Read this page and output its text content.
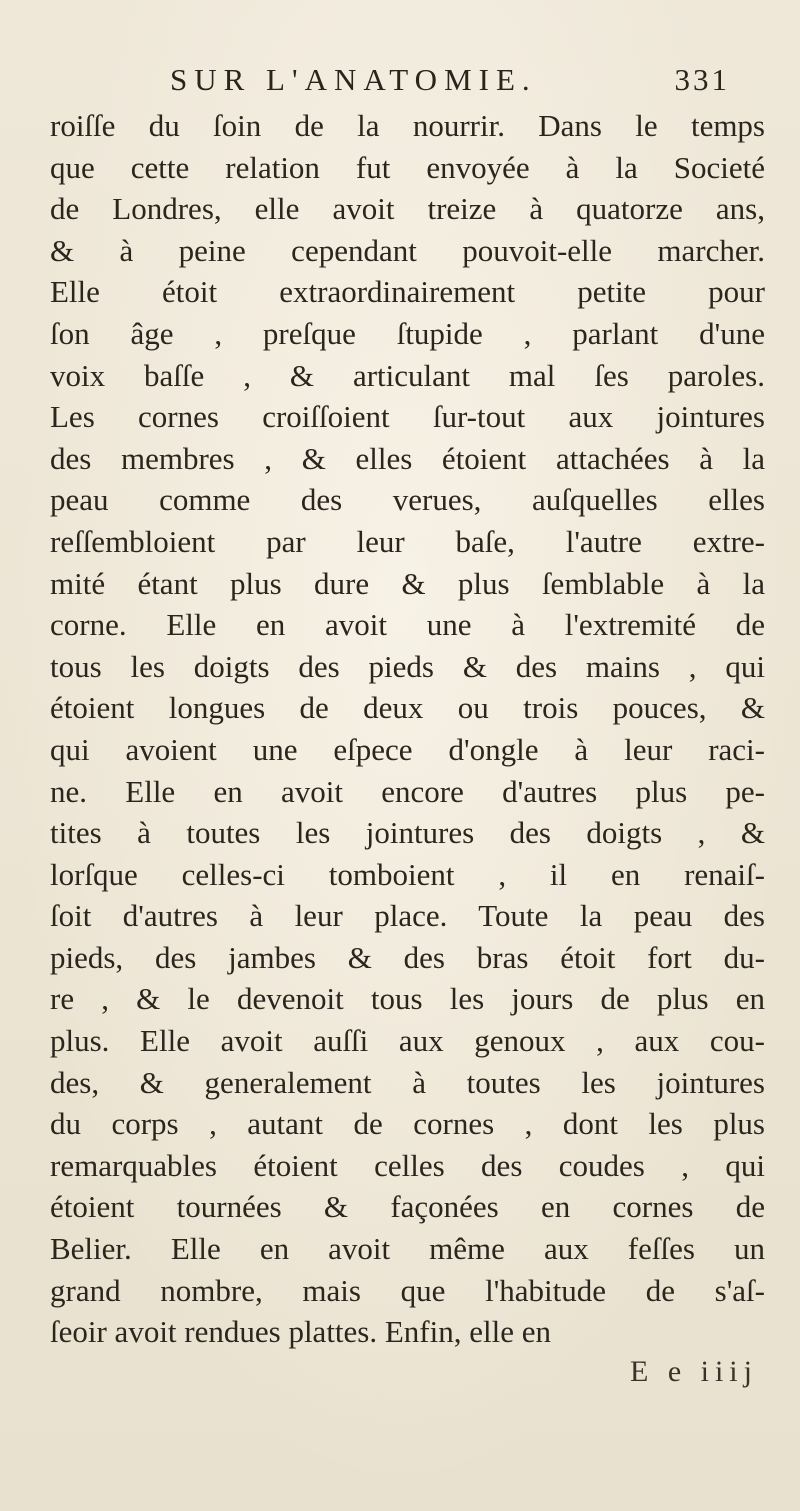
SUR L'ANATOMIE.	331
roiſſe du ſoin de la nourrir. Dans le temps
que cette relation fut envoyée à la Societé
de Londres, elle avoit treize à quatorze ans,
& à peine cependant pouvoit-elle marcher.
Elle étoit extraordinairement petite pour
ſon âge , preſque ſtupide , parlant d'une
voix baſſe , & articulant mal ſes paroles.
Les cornes croiſſoient ſur-tout aux jointures
des membres , & elles étoient attachées à la
peau comme des verues, auſquelles elles
reſſembloient par leur baſe, l'autre extre-
mité étant plus dure & plus ſemblable à la
corne. Elle en avoit une à l'extremité de
tous les doigts des pieds & des mains , qui
étoient longues de deux ou trois pouces, &
qui avoient une eſpece d'ongle à leur raci-
ne. Elle en avoit encore d'autres plus pe-
tites à toutes les jointures des doigts , &
lorſque celles-ci tomboient , il en renaiſ-
ſoit d'autres à leur place. Toute la peau des
pieds, des jambes & des bras étoit fort du-
re , & le devenoit tous les jours de plus en
plus. Elle avoit auſſi aux genoux , aux cou-
des, & generalement à toutes les jointures
du corps , autant de cornes , dont les plus
remarquables étoient celles des coudes , qui
étoient tournées & façonées en cornes de
Belier. Elle en avoit même aux feſſes un
grand nombre, mais que l'habitude de s'aſ-
ſeoir avoit rendues plattes. Enfin, elle en
E e iiij
